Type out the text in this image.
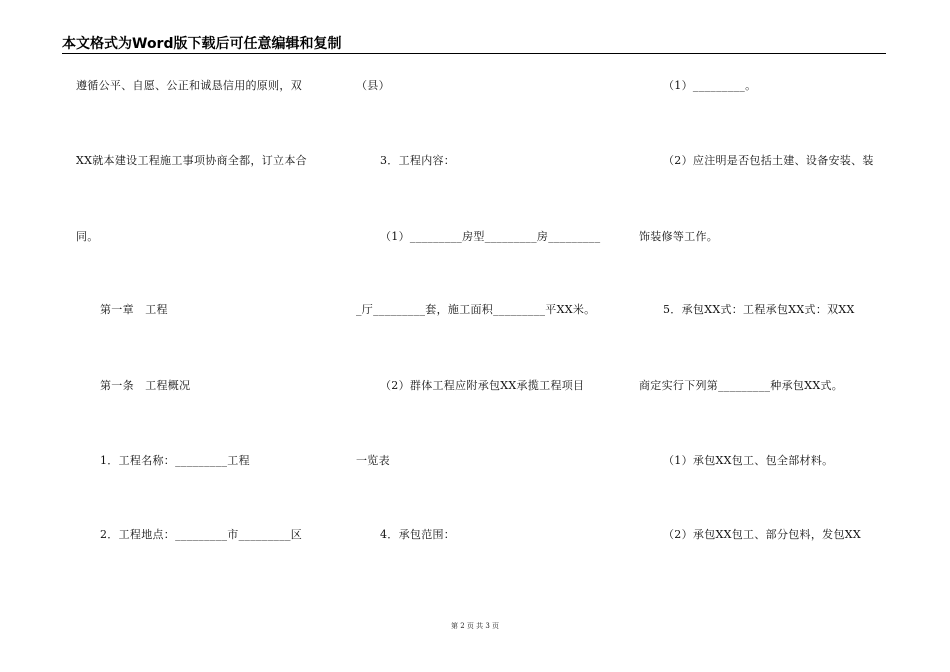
本文格式为Word版下载后可任意编辑和复制
遵循公平、自愿、公正和诚恳信用的原则，双
XX就本建设工程施工事项协商全都，订立本合
同。
第一章　工程
第一条　工程概况
1．工程名称：_________工程
2．工程地点：_________市_________区
（县）
3．工程内容：
（1）_________房型_________房_________
_厅_________套，施工面积_________平XX米。
（2）群体工程应附承包XX承揽工程项目
一览表
4．承包范围：
（1）_________。
（2）应注明是否包括土建、设备安装、装
饰装修等工作。
5．承包XX式：工程承包XX式：双XX
商定实行下列第_________种承包XX式。
（1）承包XX包工、包全部材料。
（2）承包XX包工、部分包料，发包XX
第 2 页 共 3 页
